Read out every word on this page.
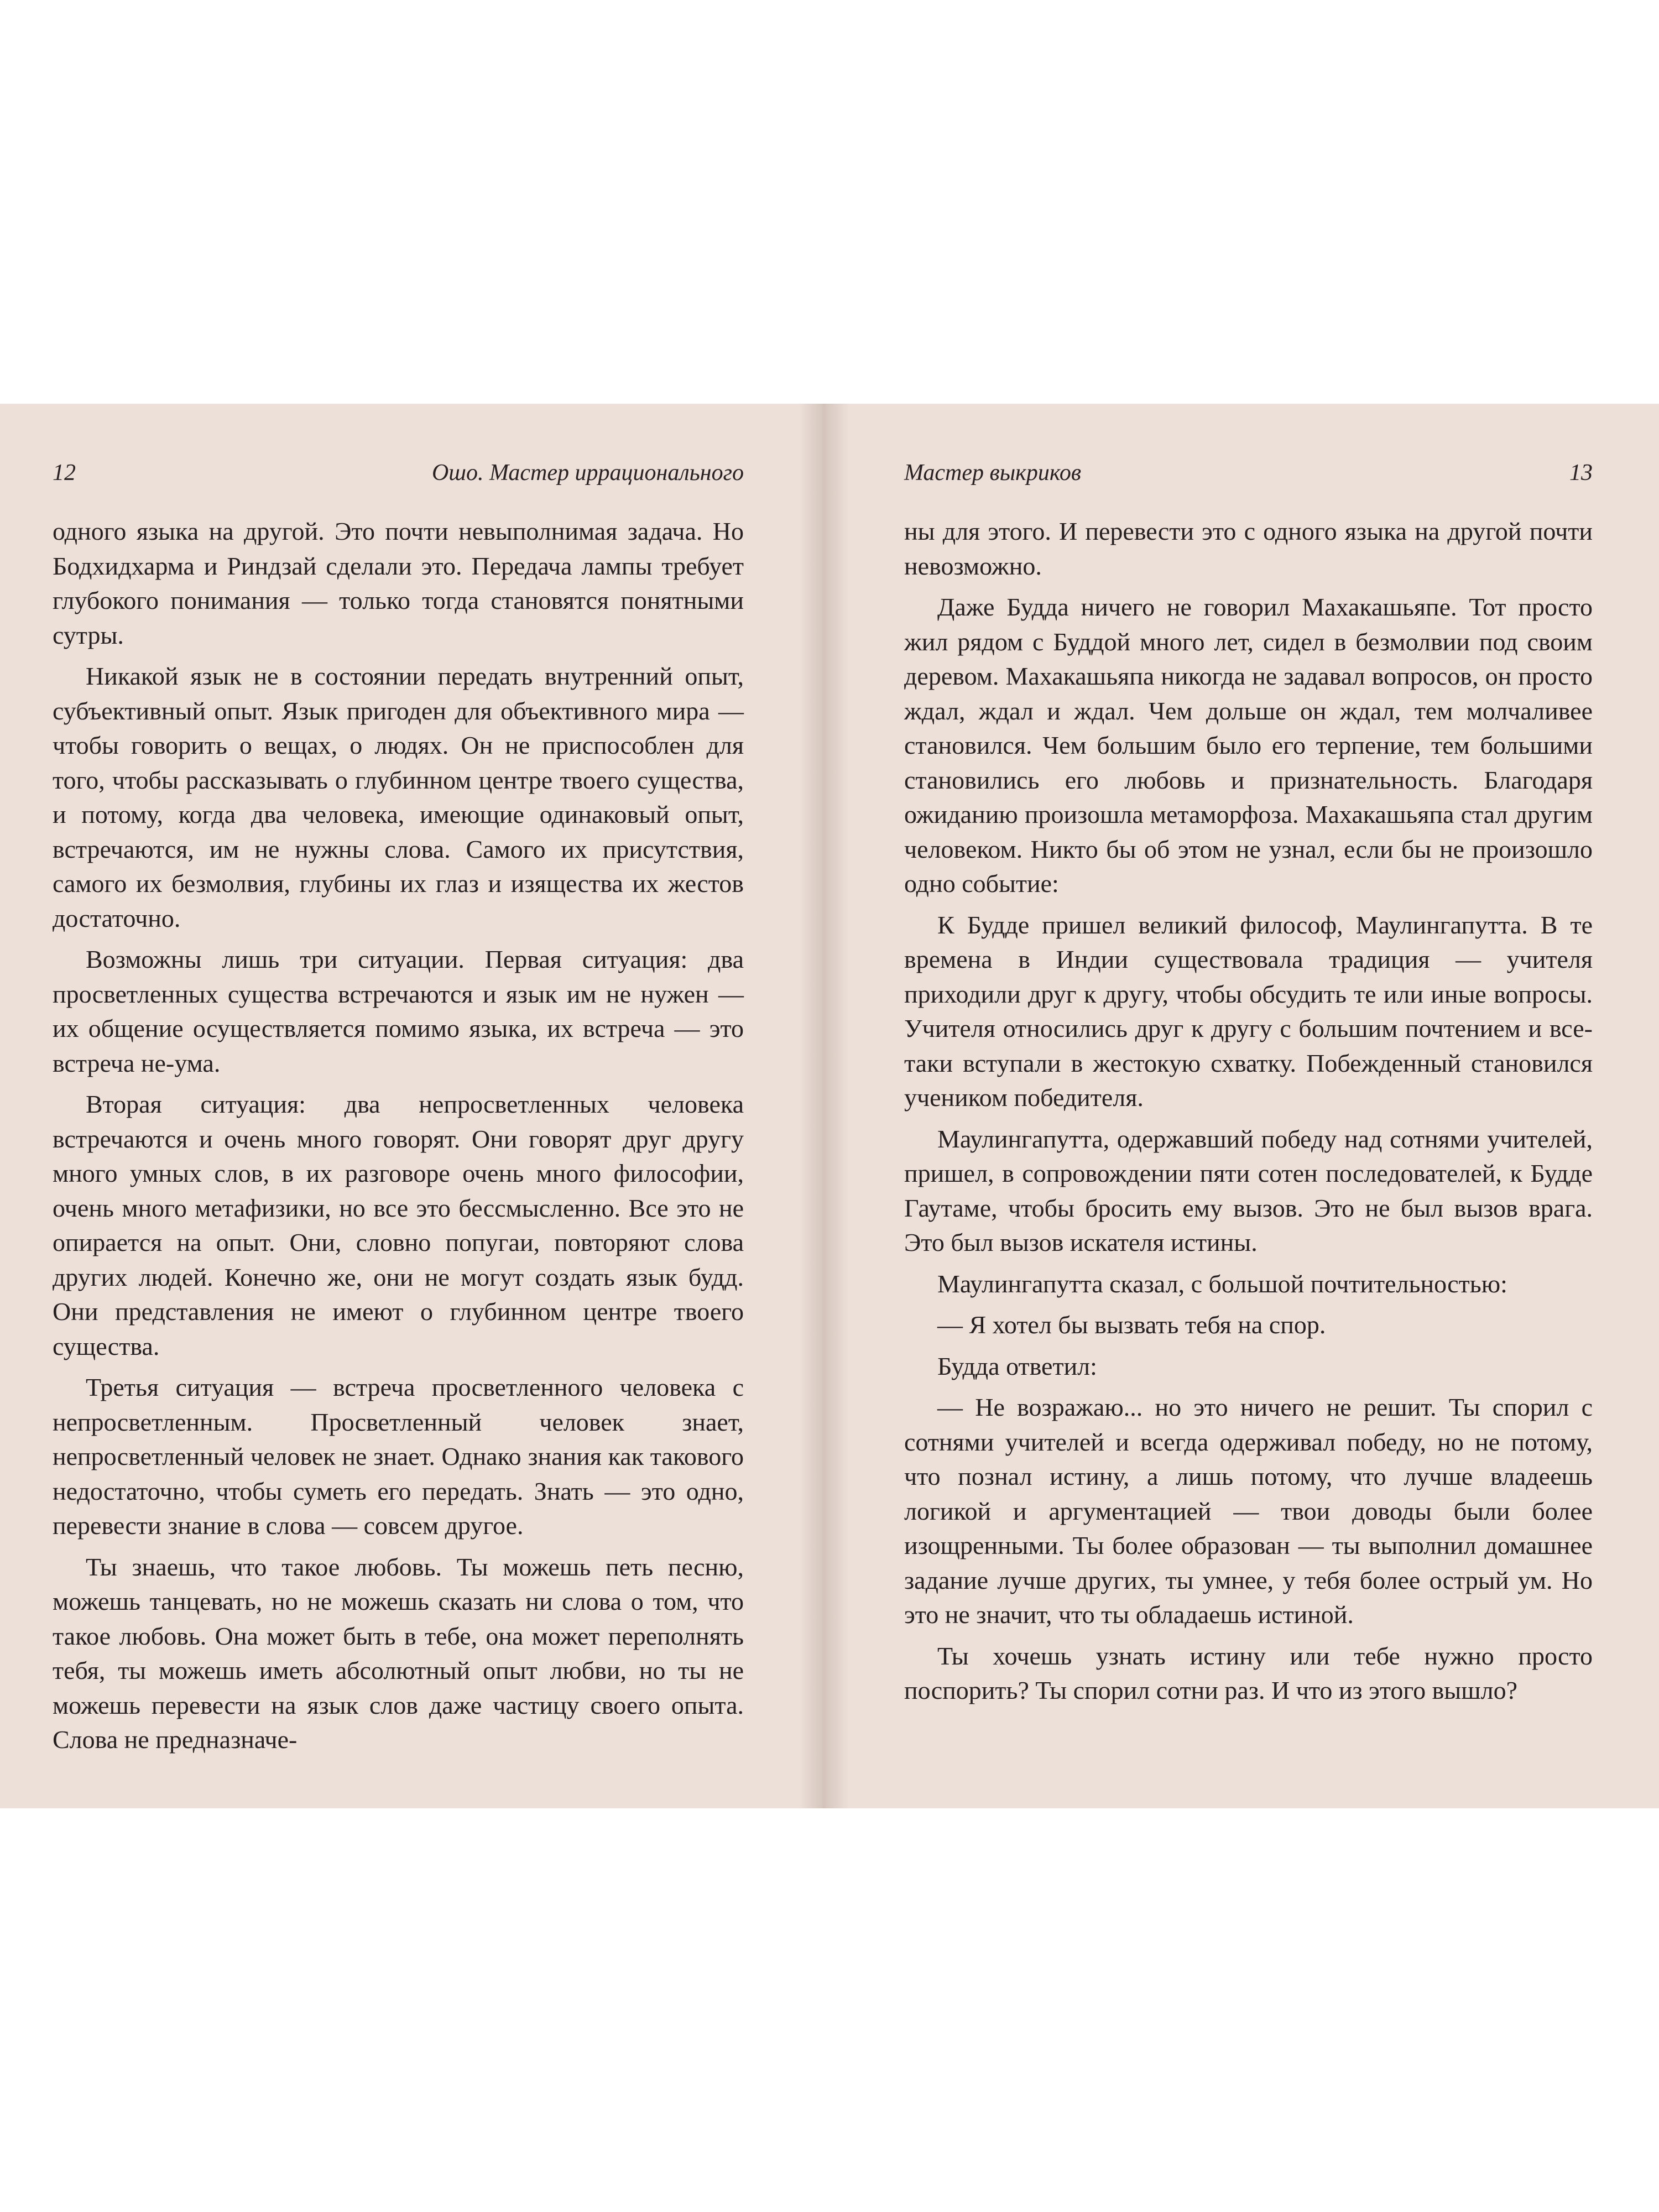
12	Ошо. Мастер иррационального

одного языка на другой. Это почти невыполнимая задача. Но Бодхидхарма и Риндзай сделали это. Передача лампы требует глубокого понимания — только тогда становятся понятными сутры.

Никакой язык не в состоянии передать внутренний опыт, субъективный опыт. Язык пригоден для объективного мира — чтобы говорить о вещах, о людях. Он не приспособлен для того, чтобы рассказывать о глубинном центре твоего существа, и потому, когда два человека, имеющие одинаковый опыт, встречаются, им не нужны слова. Самого их присутствия, самого их безмолвия, глубины их глаз и изящества их жестов достаточно.

Возможны лишь три ситуации. Первая ситуация: два просветленных существа встречаются и язык им не нужен — их общение осуществляется помимо языка, их встреча — это встреча не-ума.

Вторая ситуация: два непросветленных человека встречаются и очень много говорят. Они говорят друг другу много умных слов, в их разговоре очень много философии, очень много метафизики, но все это бессмысленно. Все это не опирается на опыт. Они, словно попугаи, повторяют слова других людей. Конечно же, они не могут создать язык будд. Они представления не имеют о глубинном центре твоего существа.

Третья ситуация — встреча просветленного человека с непросветленным. Просветленный человек знает, непросветленный человек не знает. Однако знания как такового недостаточно, чтобы суметь его передать. Знать — это одно, перевести знание в слова — совсем другое.

Ты знаешь, что такое любовь. Ты можешь петь песню, можешь танцевать, но не можешь сказать ни слова о том, что такое любовь. Она может быть в тебе, она может переполнять тебя, ты можешь иметь абсолютный опыт любви, но ты не можешь перевести на язык слов даже частицу своего опыта. Слова не предназначе-

Мастер выкриков	13

ны для этого. И перевести это с одного языка на другой почти невозможно.

Даже Будда ничего не говорил Махакашьяпе. Тот просто жил рядом с Буддой много лет, сидел в безмолвии под своим деревом. Махакашьяпа никогда не задавал вопросов, он просто ждал, ждал и ждал. Чем дольше он ждал, тем молчаливее становился. Чем большим было его терпение, тем большими становились его любовь и признательность. Благодаря ожиданию произошла метаморфоза. Махакашьяпа стал другим человеком. Никто бы об этом не узнал, если бы не произошло одно событие:

К Будде пришел великий философ, Маулингапутта. В те времена в Индии существовала традиция — учителя приходили друг к другу, чтобы обсудить те или иные вопросы. Учителя относились друг к другу с большим почтением и все-таки вступали в жестокую схватку. Побежденный становился учеником победителя.

Маулингапутта, одержавший победу над сотнями учителей, пришел, в сопровождении пяти сотен последователей, к Будде Гаутаме, чтобы бросить ему вызов. Это не был вызов врага. Это был вызов искателя истины.

Маулингапутта сказал, с большой почтительностью:

— Я хотел бы вызвать тебя на спор.

Будда ответил:

— Не возражаю... но это ничего не решит. Ты спорил с сотнями учителей и всегда одерживал победу, но не потому, что познал истину, а лишь потому, что лучше владеешь логикой и аргументацией — твои доводы были более изощренными. Ты более образован — ты выполнил домашнее задание лучше других, ты умнее, у тебя более острый ум. Но это не значит, что ты обладаешь истиной.

Ты хочешь узнать истину или тебе нужно просто поспорить? Ты спорил сотни раз. И что из этого вышло?
